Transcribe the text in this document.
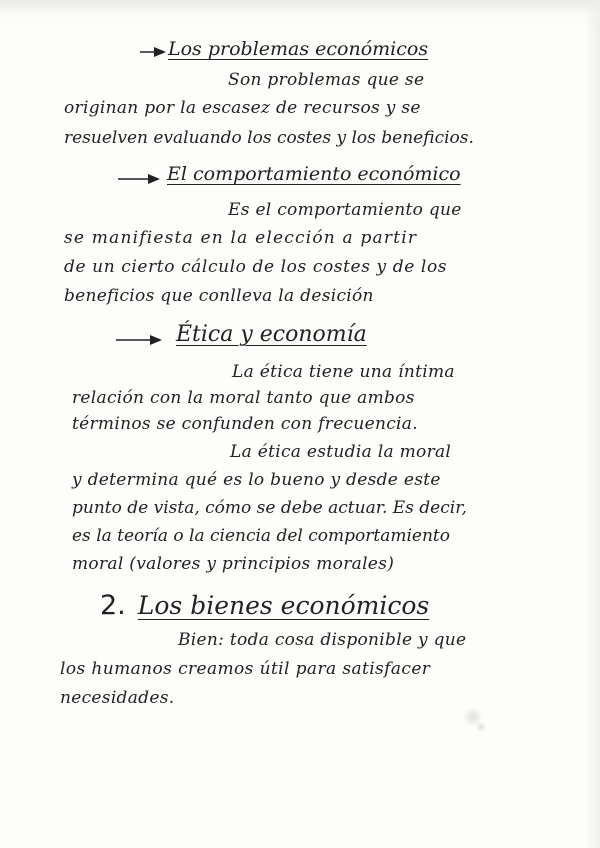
Los problemas económicos
Son problemas que se
originan por la escasez de recursos y se
resuelven evaluando los costes y los beneficios.
El comportamiento económico
Es el comportamiento que
se manifiesta en la elección a partir
de un cierto cálculo de los costes y de los
beneficios que conlleva la desición
Ética y economía
La ética tiene una íntima
relación con la moral tanto que ambos
términos se confunden con frecuencia.
La ética estudia la moral
y determina qué es lo bueno y desde este
punto de vista, cómo se debe actuar. Es decir,
es la teoría o la ciencia del comportamiento
moral (valores y principios morales)
2. Los bienes económicos
Bien: toda cosa disponible y que
los humanos creamos útil para satisfacer
necesidades.
